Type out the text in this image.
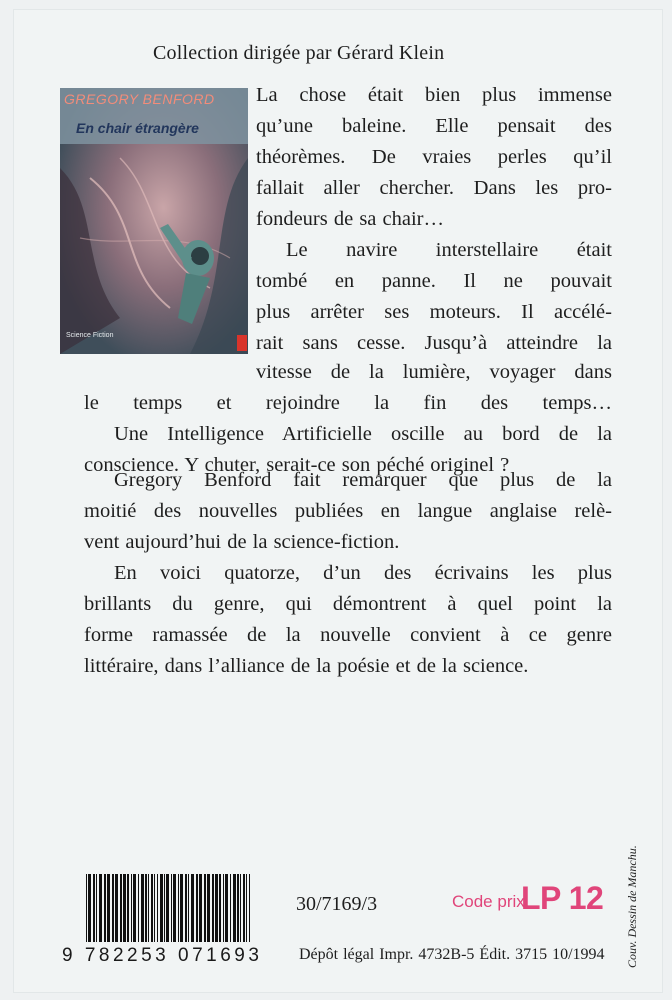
Collection dirigée par Gérard Klein
GREGORY BENFORD
En chair étrangère
Science Fiction

La chose était bien plus immense
qu’une baleine. Elle pensait des
théorèmes. De vraies perles qu’il
fallait aller chercher. Dans les pro-
fondeurs de sa chair…

Le navire interstellaire était
tombé en panne. Il ne pouvait
plus arrêter ses moteurs. Il accélé-
rait sans cesse. Jusqu’à atteindre la

vitesse de la lumière, voyager dans
le temps et rejoindre la fin des temps…

Une Intelligence Artificielle oscille au bord de la
conscience. Y chuter, serait-ce son péché originel ?

Gregory Benford fait remarquer que plus de la
moitié des nouvelles publiées en langue anglaise relè-
vent aujourd’hui de la science-fiction.

En voici quatorze, d’un des écrivains les plus
brillants du genre, qui démontrent à quel point la
forme ramassée de la nouvelle convient à ce genre
littéraire, dans l’alliance de la poésie et de la science.

9 782253 071693
30/7169/3	Code prix
LP 12
Dépôt légal Impr. 4732B-5 Édit. 3715 10/1994 Couv. Dessin de Manchu.
